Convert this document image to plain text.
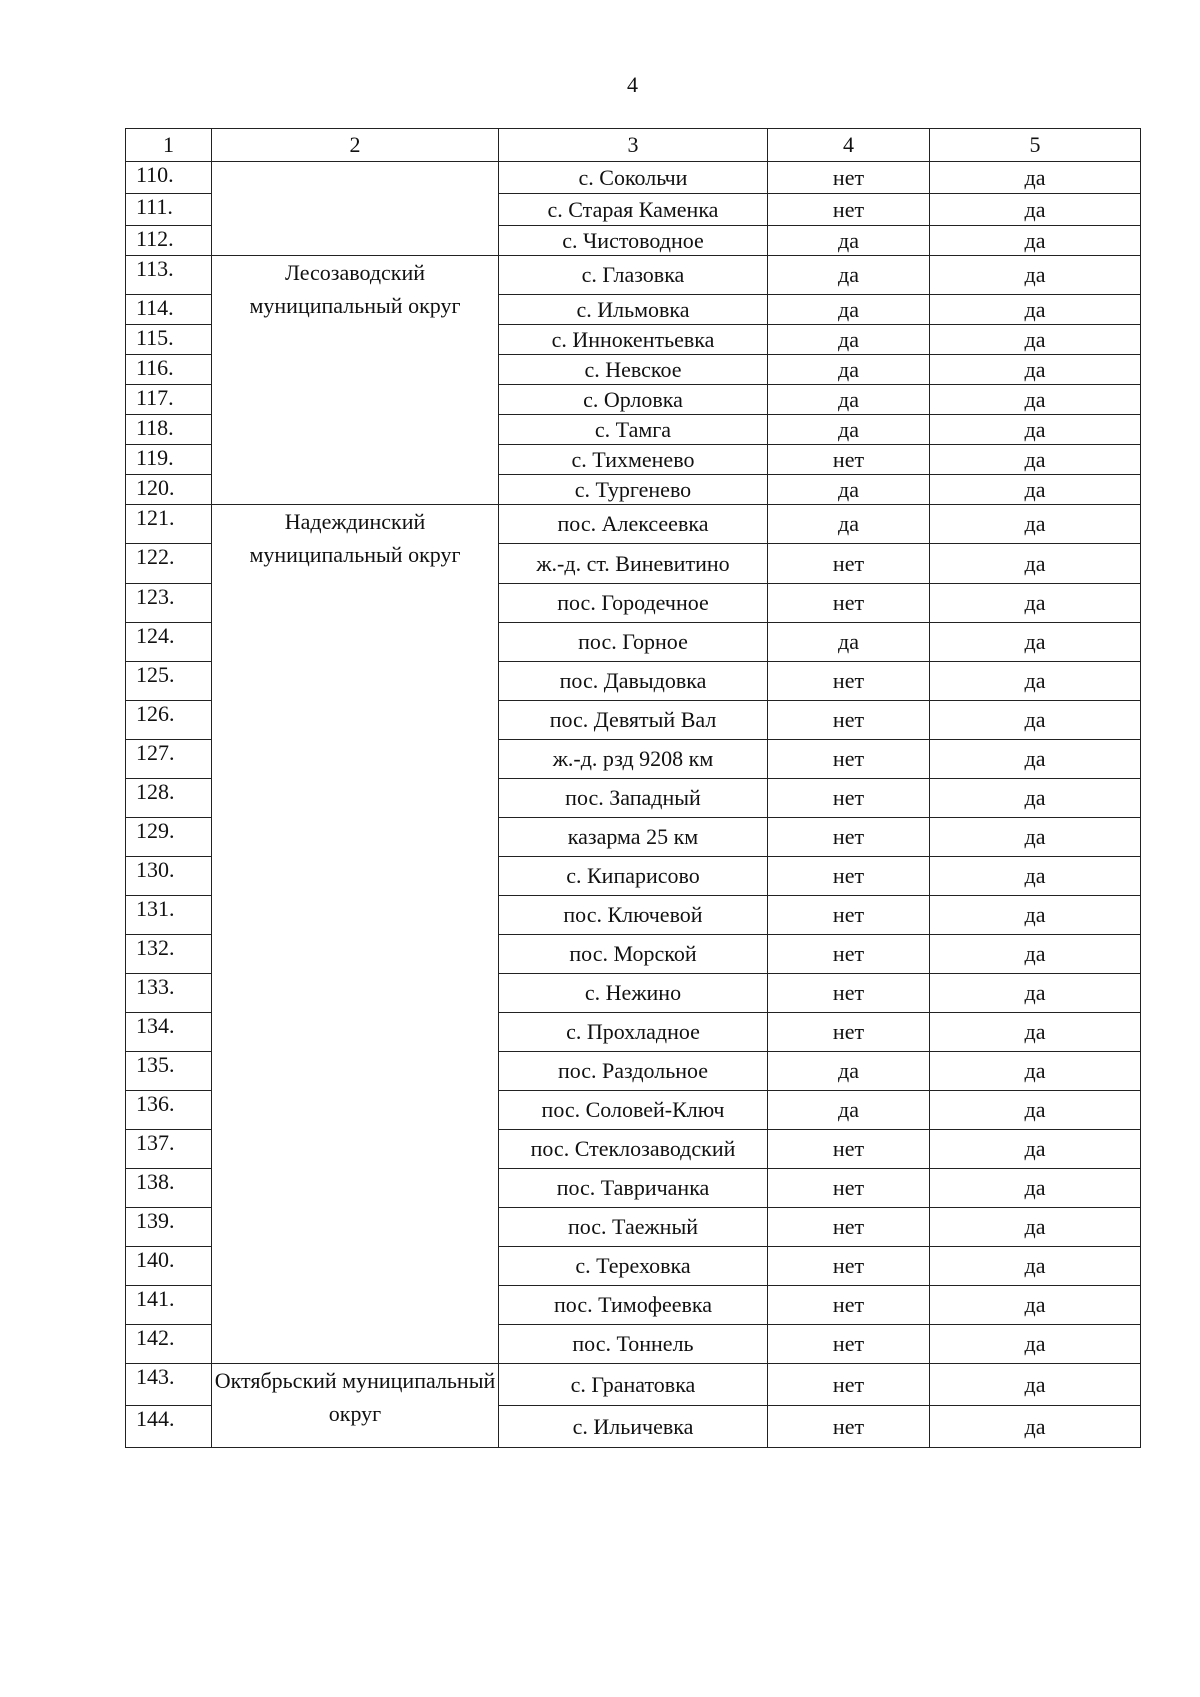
4
1	2	3	4	5
110.		с. Сокольчи	нет	да
111.		с. Старая Каменка	нет	да
112.		с. Чистоводное	да	да
113.	Лесозаводский муниципальный округ	с. Глазовка	да	да
114.		с. Ильмовка	да	да
115.		с. Иннокентьевка	да	да
116.		с. Невское	да	да
117.		с. Орловка	да	да
118.		с. Тамга	да	да
119.		с. Тихменево	нет	да
120.		с. Тургенево	да	да
121.	Надеждинский муниципальный округ	пос. Алексеевка	да	да
122.		ж.-д. ст. Виневитино	нет	да
123.		пос. Городечное	нет	да
124.		пос. Горное	да	да
125.		пос. Давыдовка	нет	да
126.		пос. Девятый Вал	нет	да
127.		ж.-д. рзд 9208 км	нет	да
128.		пос. Западный	нет	да
129.		казарма 25 км	нет	да
130.		с. Кипарисово	нет	да
131.		пос. Ключевой	нет	да
132.		пос. Морской	нет	да
133.		с. Нежино	нет	да
134.		с. Прохладное	нет	да
135.		пос. Раздольное	да	да
136.		пос. Соловей-Ключ	да	да
137.		пос. Стеклозаводский	нет	да
138.		пос. Тавричанка	нет	да
139.		пос. Таежный	нет	да
140.		с. Тереховка	нет	да
141.		пос. Тимофеевка	нет	да
142.		пос. Тоннель	нет	да
143.	Октябрьский муниципальный округ	с. Гранатовка	нет	да
144.		с. Ильичевка	нет	да
